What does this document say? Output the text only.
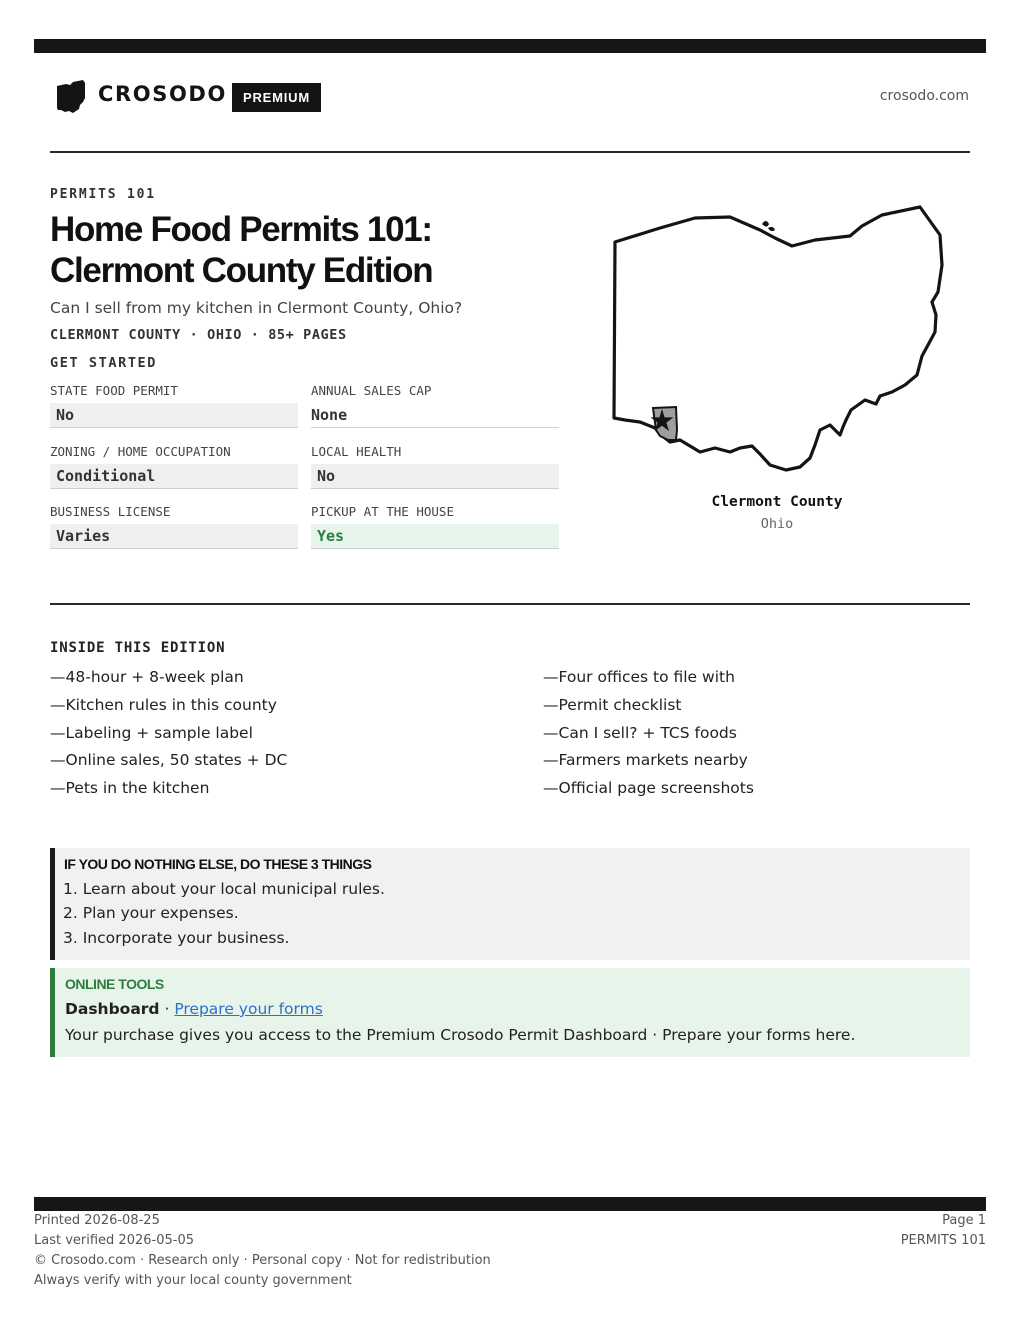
CROSODO	PREMIUM	crosodo.com
PERMITS 101
Home Food Permits 101:
Clermont County Edition
Can I sell from my kitchen in Clermont County, Ohio?
CLERMONT COUNTY · OHIO · 85+ PAGES
GET STARTED
STATE FOOD PERMIT
No
ANNUAL SALES CAP
None
ZONING / HOME OCCUPATION
Conditional
LOCAL HEALTH
No
BUSINESS LICENSE
Varies
PICKUP AT THE HOUSE
Yes
Clermont County
Ohio
INSIDE THIS EDITION
—48-hour + 8-week plan
—Kitchen rules in this county
—Labeling + sample label
—Online sales, 50 states + DC
—Pets in the kitchen
—Four offices to file with
—Permit checklist
—Can I sell? + TCS foods
—Farmers markets nearby
—Official page screenshots
IF YOU DO NOTHING ELSE, DO THESE 3 THINGS
1. Learn about your local municipal rules.
2. Plan your expenses.
3. Incorporate your business.
ONLINE TOOLS
Dashboard · Prepare your forms
Your purchase gives you access to the Premium Crosodo Permit Dashboard · Prepare your forms here.
Printed 2026-08-25
Last verified 2026-05-05
© Crosodo.com · Research only · Personal copy · Not for redistribution
Always verify with your local county government
Page 1
PERMITS 101
